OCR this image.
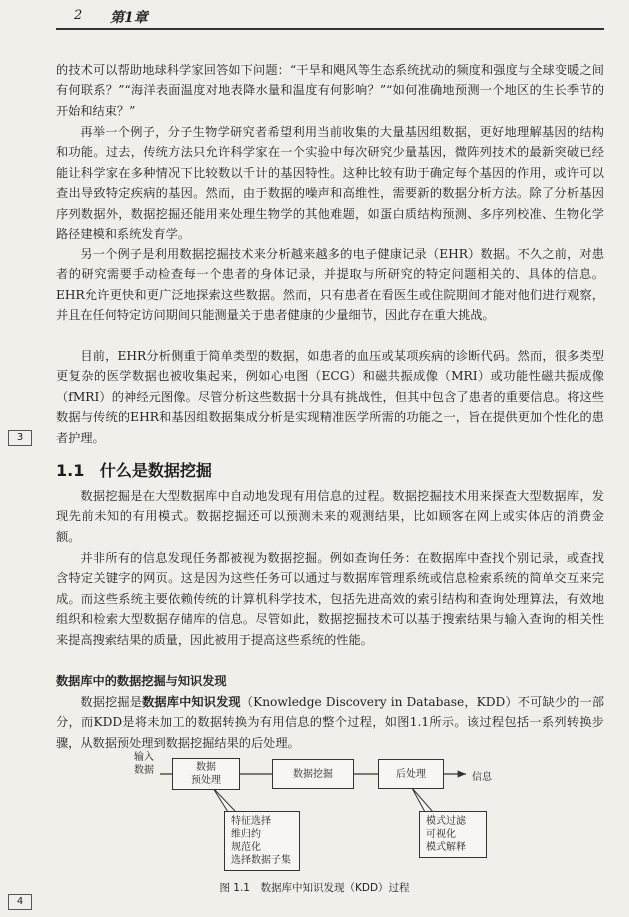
2 第1章
3
4

的技术可以帮助地球科学家回答如下问题：“干旱和飓风等生态系统扰动的频度和强度与全球变暖之间有何联系？”“海洋表面温度对地表降水量和温度有何影响？”“如何准确地预测一个地区的生长季节的开始和结束？”

再举一个例子，分子生物学研究者希望利用当前收集的大量基因组数据，更好地理解基因的结构和功能。过去，传统方法只允许科学家在一个实验中每次研究少量基因，微阵列技术的最新突破已经能让科学家在多种情况下比较数以千计的基因特性。这种比较有助于确定每个基因的作用，或许可以查出导致特定疾病的基因。然而，由于数据的噪声和高维性，需要新的数据分析方法。除了分析基因序列数据外，数据挖掘还能用来处理生物学的其他难题，如蛋白质结构预测、多序列校准、生物化学路径建模和系统发育学。

另一个例子是利用数据挖掘技术来分析越来越多的电子健康记录（EHR）数据。不久之前，对患者的研究需要手动检查每一个患者的身体记录，并提取与所研究的特定问题相关的、具体的信息。EHR允许更快和更广泛地探索这些数据。然而，只有患者在看医生或住院期间才能对他们进行观察，并且在任何特定访问期间只能测量关于患者健康的少量细节，因此存在重大挑战。

目前，EHR分析侧重于简单类型的数据，如患者的血压或某项疾病的诊断代码。然而，很多类型更复杂的医学数据也被收集起来，例如心电图（ECG）和磁共振成像（MRI）或功能性磁共振成像（fMRI）的神经元图像。尽管分析这些数据十分具有挑战性，但其中包含了患者的重要信息。将这些数据与传统的EHR和基因组数据集成分析是实现精准医学所需的功能之一，旨在提供更加个性化的患者护理。

1.1 什么是数据挖掘

数据挖掘是在大型数据库中自动地发现有用信息的过程。数据挖掘技术用来探查大型数据库，发现先前未知的有用模式。数据挖掘还可以预测未来的观测结果，比如顾客在网上或实体店的消费金额。

并非所有的信息发现任务都被视为数据挖掘。例如查询任务：在数据库中查找个别记录，或查找含特定关键字的网页。这是因为这些任务可以通过与数据库管理系统或信息检索系统的简单交互来完成。而这些系统主要依赖传统的计算机科学技术，包括先进高效的索引结构和查询处理算法，有效地组织和检索大型数据存储库的信息。尽管如此，数据挖掘技术可以基于搜索结果与输入查询的相关性来提高搜索结果的质量，因此被用于提高这些系统的性能。

数据库中的数据挖掘与知识发现

数据挖掘是数据库中知识发现（Knowledge Discovery in Database，KDD）不可缺少的一部分，而KDD是将未加工的数据转换为有用信息的整个过程，如图1.1所示。该过程包括一系列转换步骤，从数据预处理到数据挖掘结果的后处理。

输入
数据	数据
预处理
数据挖掘	后处理	信息
特征选择
维归约
规范化
选择数据子集
模式过滤
可视化
模式解释
图 1.1　数据库中知识发现（KDD）过程
